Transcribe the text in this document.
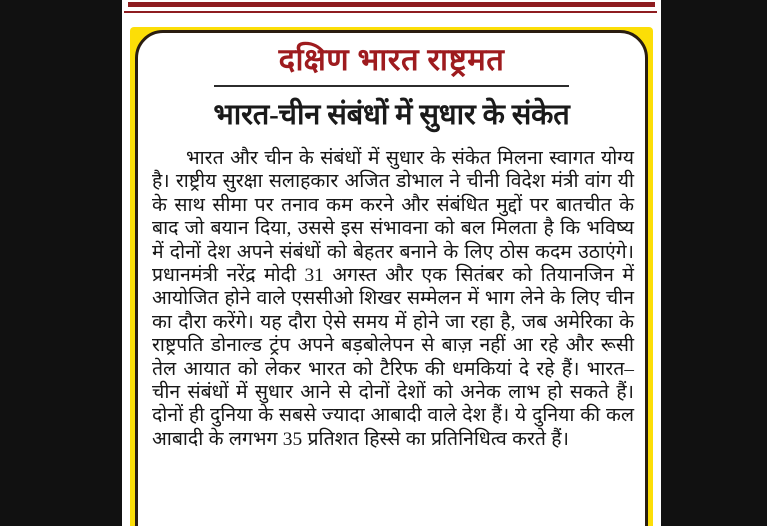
दक्षिण भारत राष्ट्रमत
भारत-चीन संबंधों में सुधार के संकेत
भारत और चीन के संबंधों में सुधार के संकेत मिलना स्वागत योग्य है। राष्ट्रीय सुरक्षा सलाहकार अजित डोभाल ने चीनी विदेश मंत्री वांग यी के साथ सीमा पर तनाव कम करने और संबंधित मुद्दों पर बातचीत के बाद जो बयान दिया, उससे इस संभावना को बल मिलता है कि भविष्य में दोनों देश अपने संबंधों को बेहतर बनाने के लिए ठोस कदम उठाएंगे। प्रधानमंत्री नरेंद्र मोदी 31 अगस्त और एक सितंबर को तियानजिन में आयोजित होने वाले एससीओ शिखर सम्मेलन में भाग लेने के लिए चीन का दौरा करेंगे। यह दौरा ऐसे समय में होने जा रहा है, जब अमेरिका के राष्ट्रपति डोनाल्ड ट्रंप अपने बड़बोलेपन से बाज़ नहीं आ रहे और रूसी तेल आयात को लेकर भारत को टैरिफ की धमकियां दे रहे हैं। भारत–चीन संबंधों में सुधार आने से दोनों देशों को अनेक लाभ हो सकते हैं। दोनों ही दुनिया के सबसे ज्यादा आबादी वाले देश हैं। ये दुनिया की कल आबादी के लगभग 35 प्रतिशत हिस्से का प्रतिनिधित्व करते हैं।
